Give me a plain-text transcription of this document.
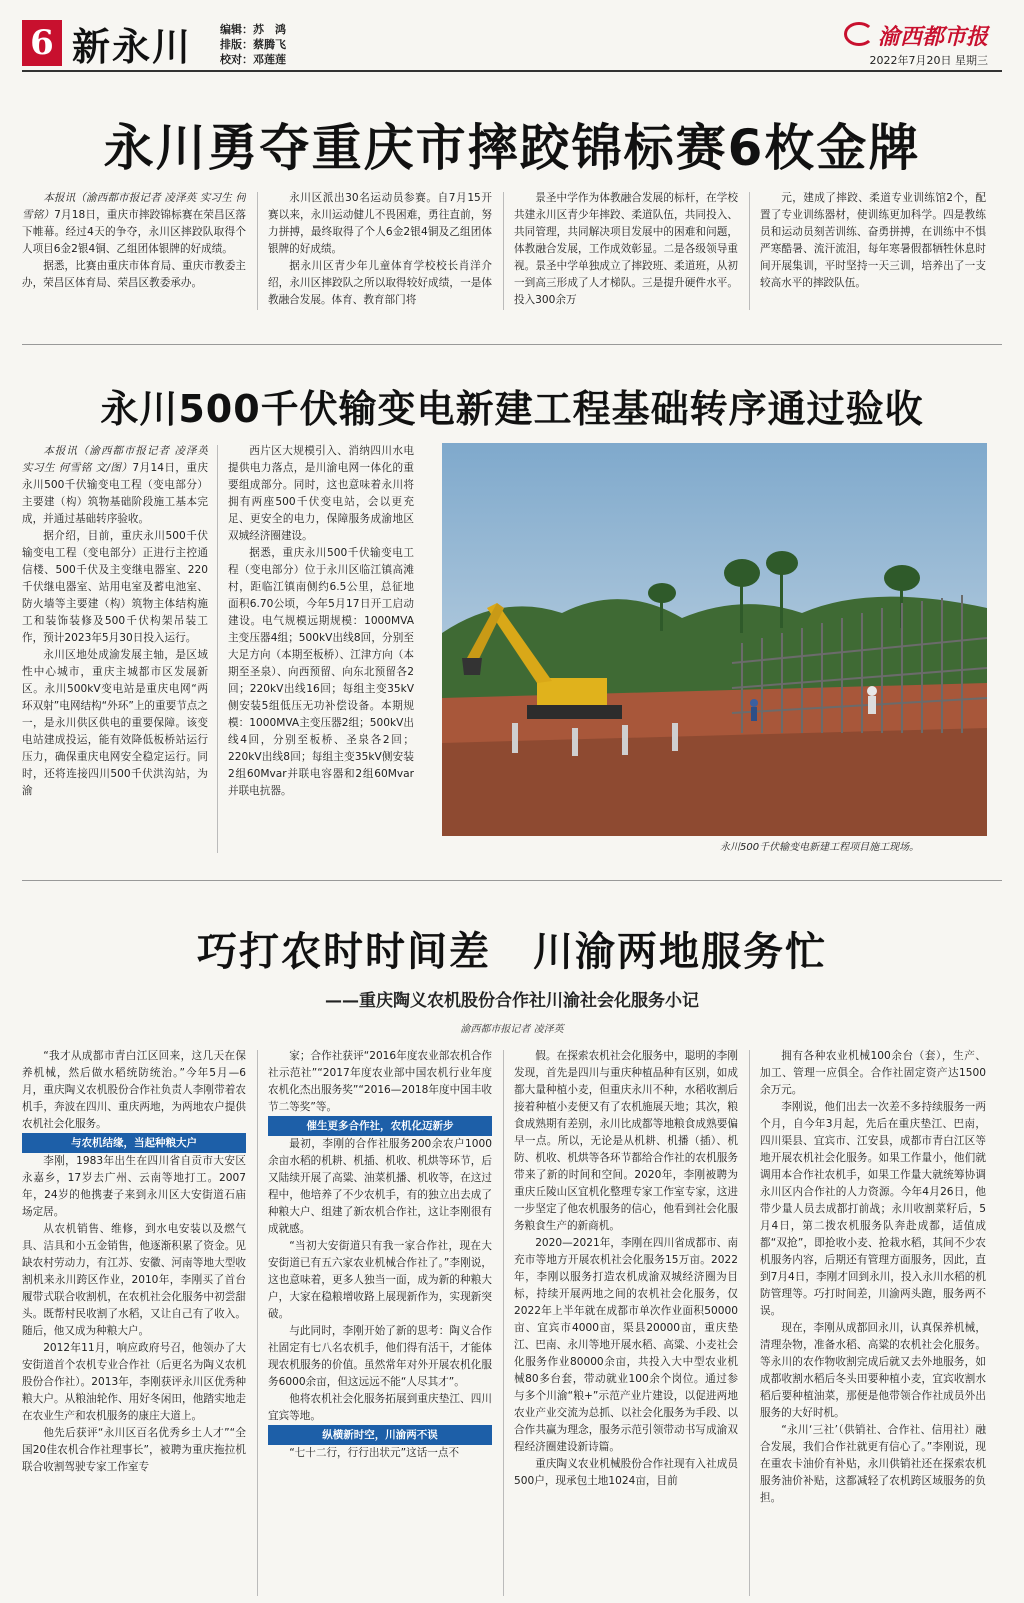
6 新永川	编辑：苏　鸿
排版：蔡腾飞
校对：邓莲莲
渝西都市报
2022年7月20日 星期三
永川勇夺重庆市摔跤锦标赛6枚金牌

本报讯（渝西都市报记者 凌泽英 实习生 何雪铭）7月18日，重庆市摔跤锦标赛在荣昌区落下帷幕。经过4天的争夺，永川区摔跤队取得个人项目6金2银4铜、乙组团体银牌的好成绩。

据悉，比赛由重庆市体育局、重庆市教委主办，荣昌区体育局、荣昌区教委承办。

永川区派出30名运动员参赛。自7月15开赛以来，永川运动健儿不畏困难，勇往直前，努力拼搏，最终取得了个人6金2银4铜及乙组团体银牌的好成绩。

据永川区青少年儿童体育学校校长肖洋介绍，永川区摔跤队之所以取得较好成绩，一是体教融合发展。体育、教育部门将

景圣中学作为体教融合发展的标杆，在学校共建永川区青少年摔跤、柔道队伍，共同投入、共同管理，共同解决项目发展中的困难和问题，体教融合发展，工作成效彰显。二是各级领导重视。景圣中学单独成立了摔跤班、柔道班，从初一到高三形成了人才梯队。三是提升硬件水平。投入300余万

元，建成了摔跤、柔道专业训练馆2个，配置了专业训练器材，使训练更加科学。四是教练员和运动员刻苦训练、奋勇拼搏，在训练中不惧严寒酷暑、流汗流泪，每年寒暑假都牺牲休息时间开展集训，平时坚持一天三训，培养出了一支较高水平的摔跤队伍。

永川500千伏输变电新建工程基础转序通过验收

本报讯（渝西都市报记者 凌泽英 实习生 何雪铭 文/图）7月14日，重庆永川500千伏输变电工程（变电部分）主要建（构）筑物基础阶段施工基本完成，并通过基础转序验收。

据介绍，目前，重庆永川500千伏输变电工程（变电部分）正进行主控通信楼、500千伏及主变继电器室、220千伏继电器室、站用电室及蓄电池室、防火墙等主要建（构）筑物主体结构施工和装饰装修及500千伏构架吊装工作，预计2023年5月30日投入运行。

永川区地处成渝发展主轴，是区域性中心城市，重庆主城都市区发展新区。永川500kV变电站是重庆电网“两环双射”电网结构“外环”上的重要节点之一，是永川供区供电的重要保障。该变电站建成投运，能有效降低板桥站运行压力，确保重庆电网安全稳定运行。同时，还将连接四川500千伏洪沟站，为渝

西片区大规模引入、消纳四川水电提供电力落点，是川渝电网一体化的重要组成部分。同时，这也意味着永川将拥有两座500千伏变电站，会以更充足、更安全的电力，保障服务成渝地区双城经济圈建设。

据悉，重庆永川500千伏输变电工程（变电部分）位于永川区临江镇高滩村，距临江镇南侧约6.5公里，总征地面积6.70公顷，今年5月17日开工启动建设。电气规模远期规模：1000MVA主变压器4组；500kV出线8回，分别至大足方向（本期至板桥）、江津方向（本期至圣泉）、向西预留、向东北预留各2回；220kV出线16回；每组主变35kV侧安装5组低压无功补偿设备。本期规模：1000MVA主变压器2组；500kV出线4回，分别至板桥、圣泉各2回；220kV出线8回；每组主变35kV侧安装2组60Mvar并联电容器和2组60Mvar并联电抗器。

永川500千伏输变电新建工程项目施工现场。
巧打农时时间差　川渝两地服务忙
——重庆陶义农机股份合作社川渝社会化服务小记
渝西都市报记者 凌泽英

“我才从成都市青白江区回来，这几天在保养机械，然后做水稻统防统治。”今年5月—6月，重庆陶义农机股份合作社负责人李刚带着农机手，奔波在四川、重庆两地，为两地农户提供农机社会化服务。

与农机结缘，当起种粮大户

李刚，1983年出生在四川省自贡市大安区永嘉乡，17岁去广州、云南等地打工。2007年，24岁的他携妻子来到永川区大安街道石庙场定居。

从农机销售、维修，到水电安装以及燃气具、洁具和小五金销售，他逐渐积累了资金。见缺农村劳动力，有江苏、安徽、河南等地大型收割机来永川跨区作业，2010年，李刚买了首台履带式联合收割机，在农机社会化服务中初尝甜头。既帮村民收割了水稻，又让自己有了收入。随后，他又成为种粮大户。

2012年11月，响应政府号召，他领办了大安街道首个农机专业合作社（后更名为陶义农机股份合作社）。2013年，李刚获评永川区优秀种粮大户。从粮油轮作、用好冬闲田，他踏实地走在农业生产和农机服务的康庄大道上。

他先后获评“永川区百名优秀乡土人才”“全国20佳农机合作社理事长”，被聘为重庆拖拉机联合收割驾驶专家工作室专

家；合作社获评“2016年度农业部农机合作社示范社”“2017年度农业部中国农机行业年度农机化杰出服务奖”“2016—2018年度中国丰收节二等奖”等。

催生更多合作社，农机化迈新步

最初，李刚的合作社服务200余农户1000余亩水稻的机耕、机插、机收、机烘等环节，后又陆续开展了高粱、油菜机播、机收等，在这过程中，他培养了不少农机手，有的独立出去成了种粮大户、组建了新农机合作社，这让李刚很有成就感。

“当初大安街道只有我一家合作社，现在大安街道已有五六家农业机械合作社了。”李刚说，这也意味着，更多人独当一面，成为新的种粮大户，大家在稳粮增收路上展现新作为，实现新突破。

与此同时，李刚开始了新的思考：陶义合作社固定有七八名农机手，他们得有活干，才能体现农机服务的价值。虽然常年对外开展农机化服务6000余亩，但这远远不能“人尽其才”。

他将农机社会化服务拓展到重庆垫江、四川宜宾等地。

纵横新时空，川渝两不误

“七十二行，行行出状元”这话一点不

假。在探索农机社会化服务中，聪明的李刚发现，首先是四川与重庆种植品种有区别，如成都大量种植小麦，但重庆永川不种，水稻收割后接着种植小麦便又有了农机施展天地；其次，粮食成熟期有差别，永川比成都等地粮食成熟要偏早一点。所以，无论是从机耕、机播（插）、机防、机收、机烘等各环节都给合作社的农机服务带来了新的时间和空间。2020年，李刚被聘为重庆丘陵山区宜机化整理专家工作室专家，这进一步坚定了他农机服务的信心，他看到社会化服务粮食生产的新商机。

2020—2021年，李刚在四川省成都市、南充市等地方开展农机社会化服务15万亩。2022年，李刚以服务打造农机成渝双城经济圈为目标，持续开展两地之间的农机社会化服务，仅2022年上半年就在成都市单次作业面积50000亩、宜宾市4000亩，渠县20000亩，重庆垫江、巴南、永川等地开展水稻、高粱、小麦社会化服务作业80000余亩，共投入大中型农业机械80多台套，带动就业100余个岗位。通过参与多个川渝“粮+”示范产业片建设，以促进两地农业产业交流为总抓、以社会化服务为手段、以合作共赢为理念，服务示范引领带动书写成渝双程经济圈建设新诗篇。

重庆陶义农业机械股份合作社现有入社成员500户，现承包土地1024亩，目前

拥有各种农业机械100余台（套），生产、加工、管理一应俱全。合作社固定资产达1500余万元。

李刚说，他们出去一次差不多持续服务一两个月，自今年3月起，先后在重庆垫江、巴南，四川渠县、宜宾市、江安县，成都市青白江区等地开展农机社会化服务。如果工作量小，他们就调用本合作社农机手，如果工作量大就统筹协调永川区内合作社的人力资源。今年4月26日，他带少量人员去成都打前战；永川收割菜籽后，5月4日，第二拨农机服务队奔赴成都，适值成都“双抢”，即抢收小麦、抢栽水稻，其间不少农机服务内容，后期还有管理方面服务，因此，直到7月4日，李刚才回到永川，投入永川水稻的机防管理等。巧打时间差，川渝两头跑，服务两不误。

现在，李刚从成都回永川，认真保养机械，清理杂物，准备水稻、高粱的农机社会化服务。等永川的农作物收割完成后就又去外地服务，如成都收割水稻后冬头田要种植小麦，宜宾收割水稻后要种植油菜，那便是他带领合作社成员外出服务的大好时机。

“永川‘三社’（供销社、合作社、信用社）融合发展，我们合作社就更有信心了。”李刚说，现在重农卡油价有补贴，永川供销社还在探索农机服务油价补贴，这都减轻了农机跨区域服务的负担。
